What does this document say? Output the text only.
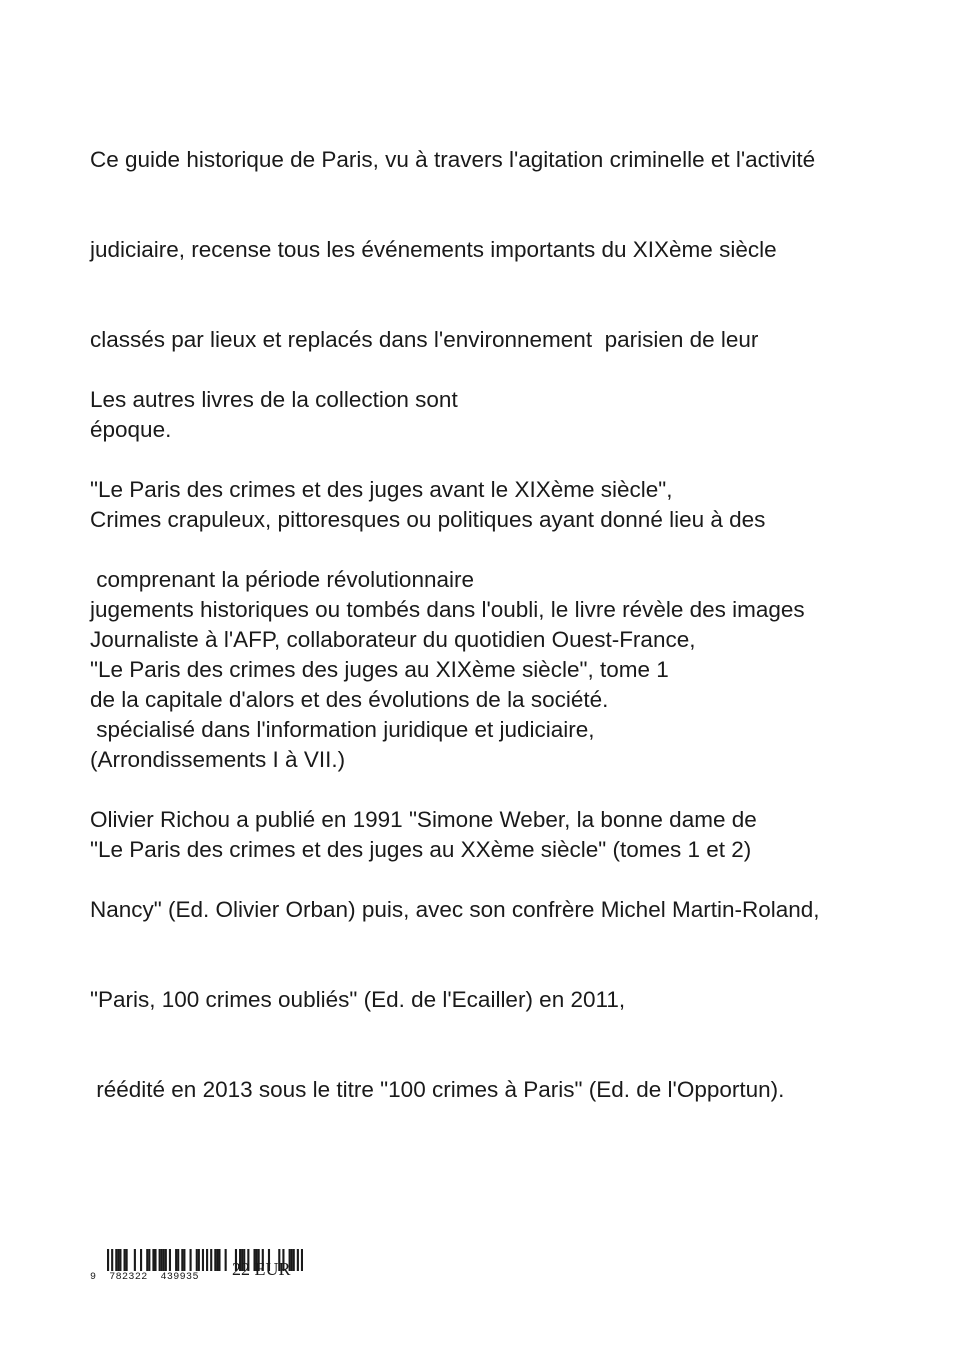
Ce guide historique de Paris, vu à travers l'agitation criminelle et l'activité

judiciaire, recense tous les événements importants du XIXème siècle

classés par lieux et replacés dans l'environnement  parisien de leur

époque.

Crimes crapuleux, pittoresques ou politiques ayant donné lieu à des

jugements historiques ou tombés dans l'oubli, le livre révèle des images

de la capitale d'alors et des évolutions de la société.

Les autres livres de la collection sont

"Le Paris des crimes et des juges avant le XIXème siècle",

comprenant la période révolutionnaire

"Le Paris des crimes des juges au XIXème siècle", tome 1

(Arrondissements I à VII.)

"Le Paris des crimes et des juges au XXème siècle" (tomes 1 et 2)

Journaliste à l'AFP, collaborateur du quotidien Ouest-France,

spécialisé dans l'information juridique et judiciaire,

Olivier Richou a publié en 1991 "Simone Weber, la bonne dame de

Nancy" (Ed. Olivier Orban) puis, avec son confrère Michel Martin-Roland,

"Paris, 100 crimes oubliés" (Ed. de l'Ecailler) en 2011,

réédité en 2013 sous le titre "100 crimes à Paris" (Ed. de l'Opportun).

9 782322 439935 22 EUR
